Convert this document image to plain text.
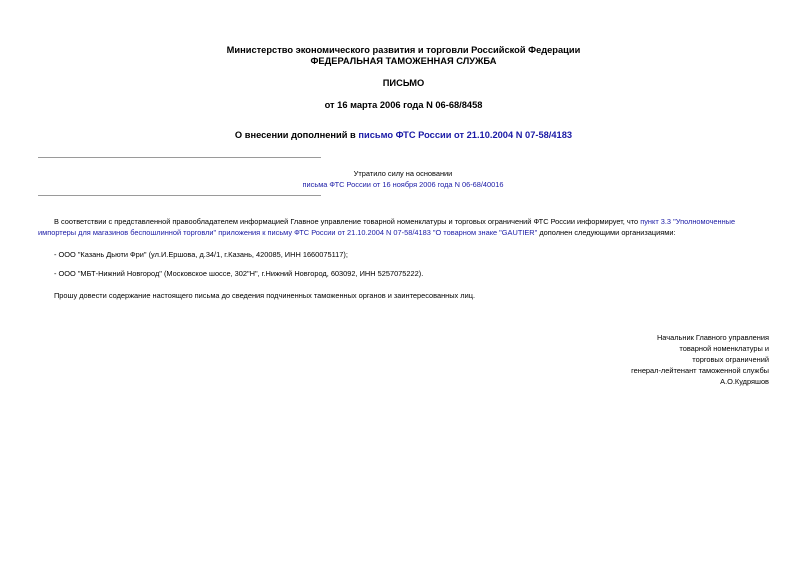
Министерство экономического развития и торговли Российской Федерации
ФЕДЕРАЛЬНАЯ ТАМОЖЕННАЯ СЛУЖБА
ПИСЬМО
от 16 марта 2006 года N 06-68/8458
О внесении дополнений в письмо ФТС России от 21.10.2004 N 07-58/4183
Утратило силу на основании
письма ФТС России от 16 ноября 2006 года N 06-68/40016
В соответствии с представленной правообладателем информацией Главное управление товарной номенклатуры и торговых ограничений ФТС России информирует, что пункт 3.3 "Уполномоченные импортеры для магазинов беспошлинной торговли" приложения к письму ФТС России от 21.10.2004 N 07-58/4183 "О товарном знаке "GAUTIER" дополнен следующими организациями:
- ООО "Казань Дьюти Фри" (ул.И.Ершова, д.34/1, г.Казань, 420085, ИНН 1660075117);
- ООО "МБТ-Нижний Новгород" (Московское шоссе, 302"Н", г.Нижний Новгород, 603092, ИНН 5257075222).
Прошу довести содержание настоящего письма до сведения подчиненных таможенных органов и заинтересованных лиц.
Начальник Главного управления
товарной номенклатуры и
торговых ограничений
генерал-лейтенант таможенной службы
А.О.Кудряшов
